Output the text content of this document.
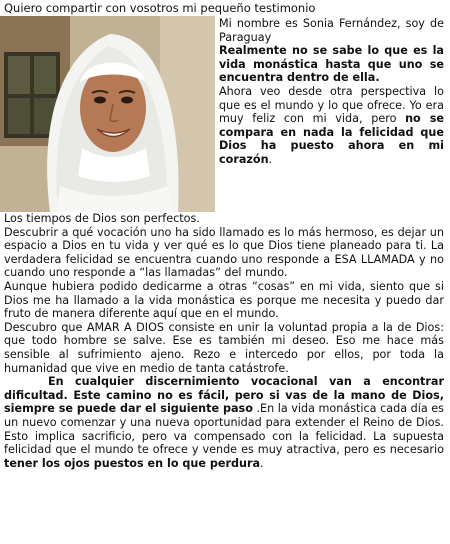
Quiero compartir con vosotros mi pequeño testimonio

Mi nombre es Sonia Fernández, soy de Paraguay

Realmente no se sabe lo que es la vida monástica hasta que uno se encuentra dentro de ella.

Ahora veo desde otra perspectiva lo que es el mundo y lo que ofrece. Yo era muy feliz con mi vida, pero no se compara en nada la felicidad que Dios ha puesto ahora en mi corazón.

Los tiempos de Dios son perfectos.

Descubrir a qué vocación uno ha sido llamado es lo más hermoso, es dejar un espacio a Dios en tu vida y ver qué es lo que Dios tiene planeado para ti. La verdadera felicidad se encuentra cuando uno responde a ESA LLAMADA y no cuando uno responde a “las llamadas” del mundo.

Aunque hubiera podido dedicarme a otras “cosas” en mi vida, siento que si Dios me ha llamado a la vida monástica es porque me necesita y puedo dar fruto de manera diferente aquí que en el mundo.

Descubro que AMAR A DIOS consiste en unir la voluntad propia a la de Dios: que todo hombre se salve. Ese es también mi deseo. Eso me hace más sensible al sufrimiento ajeno. Rezo e intercedo por ellos, por toda la humanidad que vive en medio de tanta catástrofe.

En cualquier discernimiento vocacional van a encontrar dificultad. Este camino no es fácil, pero si vas de la mano de Dios, siempre se puede dar el siguiente paso .En la vida monástica cada día es un nuevo comenzar y una nueva oportunidad para extender el Reino de Dios. Esto implica sacrificio, pero va compensado con la felicidad. La supuesta felicidad que el mundo te ofrece y vende es muy atractiva, pero es necesario tener los ojos puestos en lo que perdura.
